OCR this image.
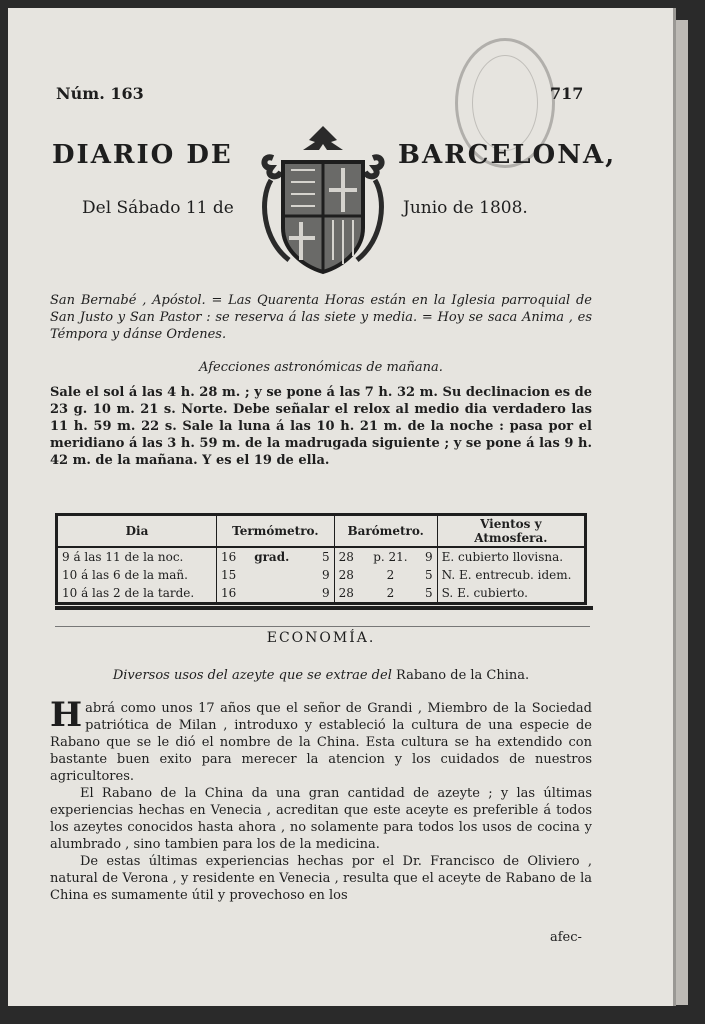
Núm. 163	717
DIARIO DE	BARCELONA,
Del Sábado 11 de	Junio de 1808.
San Bernabé , Apóstol. = Las Quarenta Horas están en la Iglesia parroquial de San Justo y San Pastor : se reserva á las siete y media. = Hoy se saca Anima , es Témpora y dánse Ordenes.
Afecciones astronómicas de mañana.
Sale el sol á las 4 h. 28 m. ; y se pone á las 7 h. 32 m. Su declinacion es de 23 g. 10 m. 21 s. Norte. Debe señalar el relox al medio dia verdadero las 11 h. 59 m. 22 s. Sale la luna á las 10 h. 21 m. de la noche : pasa por el meridiano á las 3 h. 59 m. de la madrugada siguiente ; y se pone á las 9 h. 42 m. de la mañana. Y es el 19 de ella.
Dia	Termómetro.			Barómetro.			Vientos y Atmosfera.
9 á las 11 de la noc.	16	grad.	5	28	p. 21.	9	E. cubierto llovisna.
10 á las 6 de la mañ.	15		9	28	2	5	N. E. entrecub. idem.
10 á las 2 de la tarde.	16		9	28	2	5	S. E. cubierto.
ECONOMÍA.
Diversos usos del azeyte que se extrae del Rabano de la China.
Habrá como unos 17 años que el señor de Grandi , Miembro de la Sociedad patriótica de Milan , introduxo y estableció la cultura de una especie de Rabano que se le dió el nombre de la China. Esta cultura se ha extendido con bastante buen exito para merecer la atencion y los cuidados de nuestros agricultores.
El Rabano de la China da una gran cantidad de azeyte ; y las últimas experiencias hechas en Venecia , acreditan que este aceyte es preferible á todos los azeytes conocidos hasta ahora , no solamente para todos los usos de cocina y alumbrado , sino tambien para los de la medicina.
De estas últimas experiencias hechas por el Dr. Francisco de Oliviero , natural de Verona , y residente en Venecia , resulta que el aceyte de Rabano de la China es sumamente útil y provechoso en los
afec-
